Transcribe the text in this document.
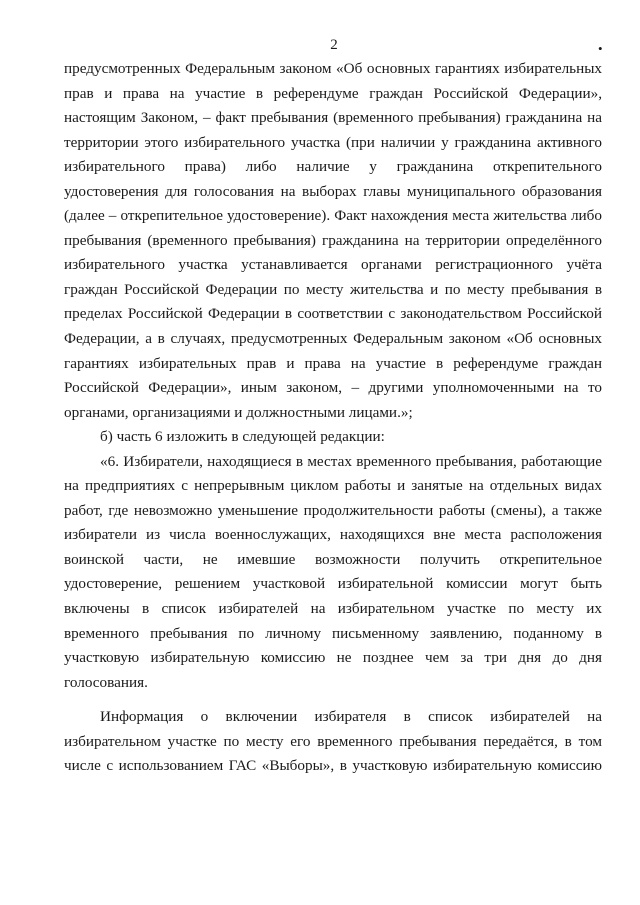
2	•
предусмотренных Федеральным законом «Об основных гарантиях избирательных
прав и права на участие в референдуме граждан Российской Федерации»,
настоящим Законом, – факт пребывания (временного пребывания) гражданина на
территории этого избирательного участка (при наличии у гражданина активного
избирательного права) либо наличие у гражданина открепительного
удостоверения для голосования на выборах главы муниципального образования
(далее – открепительное удостоверение). Факт нахождения места жительства либо
пребывания (временного пребывания) гражданина на территории определённого
избирательного участка устанавливается органами регистрационного учёта
граждан Российской Федерации по месту жительства и по месту пребывания в
пределах Российской Федерации в соответствии с законодательством Российской
Федерации, а в случаях, предусмотренных Федеральным законом «Об основных
гарантиях избирательных прав и права на участие в референдуме граждан
Российской Федерации», иным законом, – другими уполномоченными на то
органами, организациями и должностными лицами.»;
б) часть 6 изложить в следующей редакции:
«6. Избиратели, находящиеся в местах временного пребывания, работающие
на предприятиях с непрерывным циклом работы и занятые на отдельных видах
работ, где невозможно уменьшение продолжительности работы (смены), а также
избиратели из числа военнослужащих, находящихся вне места расположения
воинской части, не имевшие возможности получить открепительное
удостоверение, решением участковой избирательной комиссии могут быть
включены в список избирателей на избирательном участке по месту их
временного пребывания по личному письменному заявлению, поданному в
участковую избирательную комиссию не позднее чем за три дня до дня
голосования.
Информация о включении избирателя в список избирателей на
избирательном участке по месту его временного пребывания передаётся, в том
числе с использованием ГАС «Выборы», в участковую избирательную комиссию
